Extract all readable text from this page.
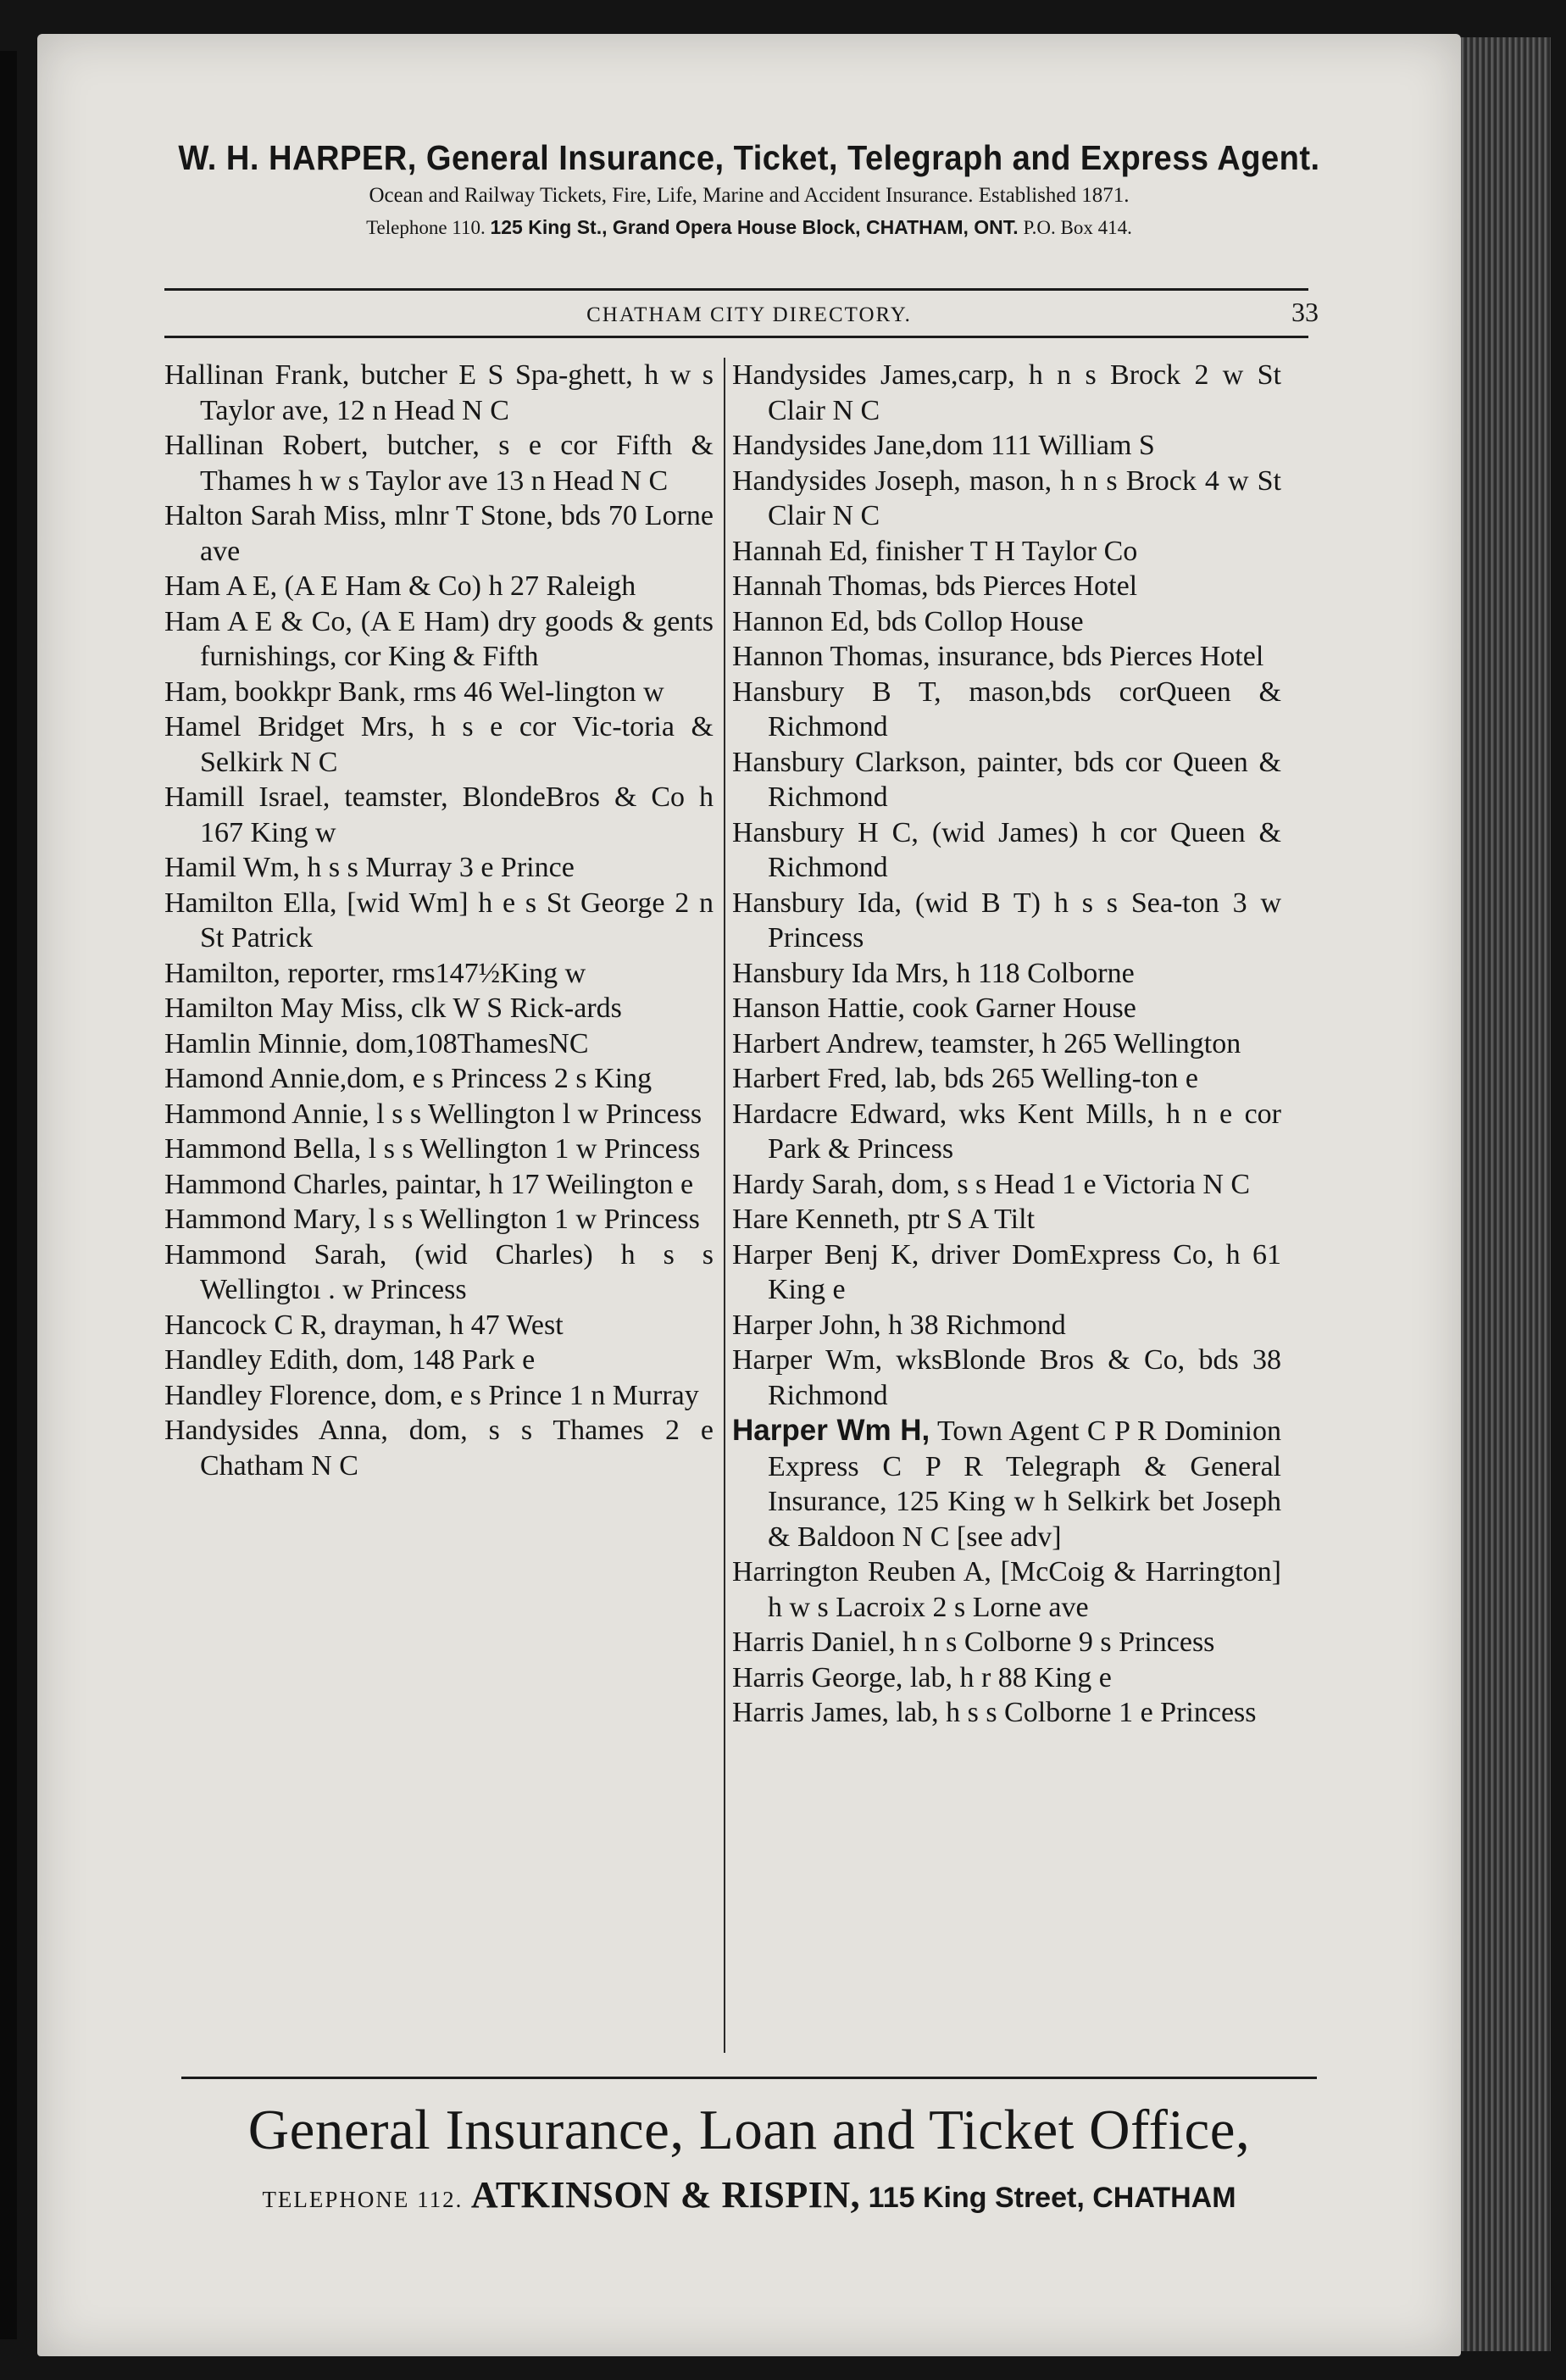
W. H. HARPER, General Insurance, Ticket, Telegraph and Express Agent.
Ocean and Railway Tickets, Fire, Life, Marine and Accident Insurance. Established 1871.
Telephone 110. 125 King St., Grand Opera House Block, CHATHAM, ONT. P.O. Box 414.
CHATHAM CITY DIRECTORY.	33

Hallinan Frank, butcher E S Spa-ghett, h w s Taylor ave, 12 n Head N C

Hallinan Robert, butcher, s e cor Fifth & Thames h w s Taylor ave 13 n Head N C

Halton Sarah Miss, mlnr T Stone, bds 70 Lorne ave

Ham A E, (A E Ham & Co) h 27 Raleigh

Ham A E & Co, (A E Ham) dry goods & gents furnishings, cor King & Fifth

Ham, bookkpr Bank, rms 46 Wel-lington w

Hamel Bridget Mrs, h s e cor Vic-toria & Selkirk N C

Hamill Israel, teamster, BlondeBros & Co h 167 King w

Hamil Wm, h s s Murray 3 e Prince

Hamilton Ella, [wid Wm] h e s St George 2 n St Patrick

Hamilton, reporter, rms147½King w

Hamilton May Miss, clk W S Rick-ards

Hamlin Minnie, dom,108ThamesNC

Hamond Annie,dom, e s Princess 2 s King

Hammond Annie, l s s Wellington l w Princess

Hammond Bella, l s s Wellington 1 w Princess

Hammond Charles, paintar, h 17 Weilington e

Hammond Mary, l s s Wellington 1 w Princess

Hammond Sarah, (wid Charles) h s s Wellingtoı . w Princess

Hancock C R, drayman, h 47 West

Handley Edith, dom, 148 Park e

Handley Florence, dom, e s Prince 1 n Murray

Handysides Anna, dom, s s Thames 2 e Chatham N C

Handysides James,carp, h n s Brock 2 w St Clair N C

Handysides Jane,dom 111 William S

Handysides Joseph, mason, h n s Brock 4 w St Clair N C

Hannah Ed, finisher T H Taylor Co

Hannah Thomas, bds Pierces Hotel

Hannon Ed, bds Collop House

Hannon Thomas, insurance, bds Pierces Hotel

Hansbury B T, mason,bds corQueen & Richmond

Hansbury Clarkson, painter, bds cor Queen & Richmond

Hansbury H C, (wid James) h cor Queen & Richmond

Hansbury Ida, (wid B T) h s s Sea-ton 3 w Princess

Hansbury Ida Mrs, h 118 Colborne

Hanson Hattie, cook Garner House

Harbert Andrew, teamster, h 265 Wellington

Harbert Fred, lab, bds 265 Welling-ton e

Hardacre Edward, wks Kent Mills, h n e cor Park & Princess

Hardy Sarah, dom, s s Head 1 e Victoria N C

Hare Kenneth, ptr S A Tilt

Harper Benj K, driver DomExpress Co, h 61 King e

Harper John, h 38 Richmond

Harper Wm, wksBlonde Bros & Co, bds 38 Richmond

Harper Wm H, Town Agent C P R Dominion Express C P R Telegraph & General Insurance, 125 King w h Selkirk bet Joseph & Baldoon N C [see adv]

Harrington Reuben A, [McCoig & Harrington] h w s Lacroix 2 s Lorne ave

Harris Daniel, h n s Colborne 9 s Princess

Harris George, lab, h r 88 King e

Harris James, lab, h s s Colborne 1 e Princess

General Insurance, Loan and Ticket Office,
TELEPHONE 112. ATKINSON & RISPIN, 115 King Street, CHATHAM
